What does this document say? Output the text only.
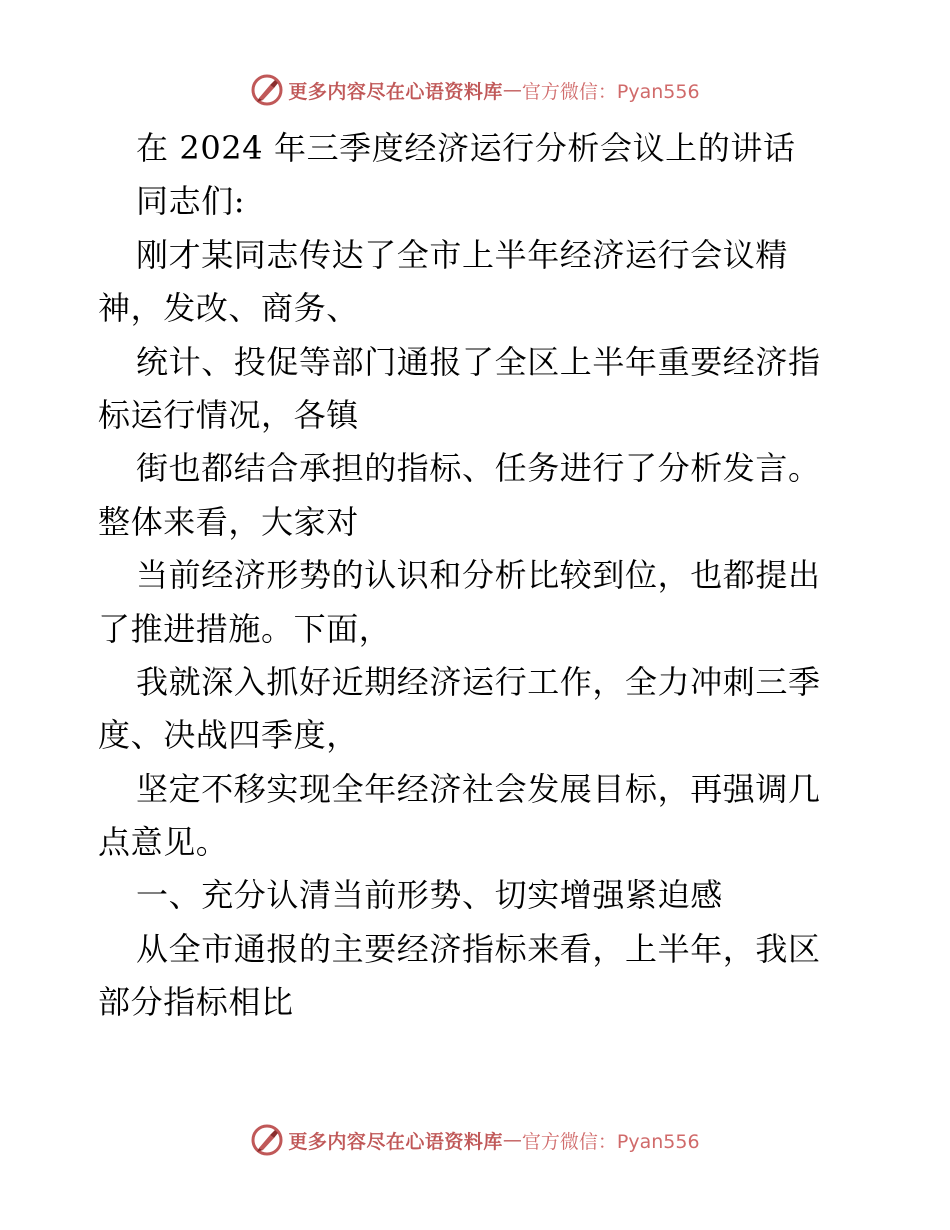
更多内容尽在心语资料库 — 官方微信：Pyan556
在 2024 年三季度经济运行分析会议上的讲话
同志们:
刚才某同志传达了全市上半年经济运行会议精
神，发改、商务、
统计、投促等部门通报了全区上半年重要经济指
标运行情况，各镇
街也都结合承担的指标、任务进行了分析发言。
整体来看，大家对
当前经济形势的认识和分析比较到位，也都提出
了推进措施。下面，
我就深入抓好近期经济运行工作，全力冲刺三季
度、决战四季度，
坚定不移实现全年经济社会发展目标，再强调几
点意见。
一、充分认清当前形势、切实增强紧迫感
从全市通报的主要经济指标来看，上半年，我区
部分指标相比
更多内容尽在心语资料库 — 官方微信：Pyan556
